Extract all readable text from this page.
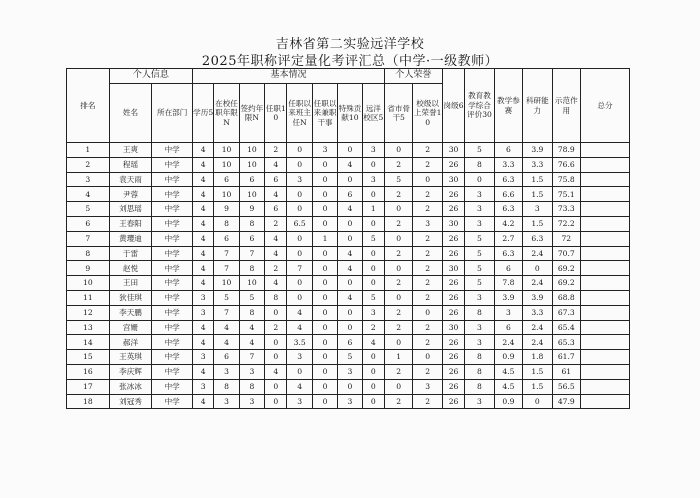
吉林省第二实验远洋学校
2025年职称评定量化考评汇总（中学·一级教师）
排名	个人信息		基本情况								个人荣誉		岗级6	教育教学综合评价30	教学参赛	科研能力	示范作用	总分
	姓名	所在部门	学历5	在校任职年限N	签约年限N	任职10	任职以来班主任N	任职以来兼职干事	特殊贡献10	远洋校区5	省市骨干5	校级以上荣誉10						
1	王爽	中学	4	10	10	2	0	3	0	3	0	2	30	5	6	3.9	78.9	
2	程瑶	中学	4	10	10	4	0	0	4	0	2	2	26	8	3.3	3.3	76.6	
3	袁天雨	中学	4	6	6	6	3	0	0	3	5	0	30	0	6.3	1.5	75.8	
4	尹蓉	中学	4	10	10	4	0	0	6	0	2	2	26	3	6.6	1.5	75.1	
5	刘思瑶	中学	4	9	9	6	0	0	4	1	0	2	26	3	6.3	3	73.3	
6	王春阳	中学	4	8	8	2	6.5	0	0	0	2	3	30	3	4.2	1.5	72.2	
7	黄璎迪	中学	4	6	6	4	0	1	0	5	0	2	26	5	2.7	6.3	72	
8	于雷	中学	4	7	7	4	0	0	4	0	2	2	26	5	6.3	2.4	70.7	
9	赵悦	中学	4	7	8	2	7	0	4	0	0	2	30	5	6	0	69.2	
10	王田	中学	4	10	10	4	0	0	0	0	2	2	26	5	7.8	2.4	69.2	
11	狄佳琪	中学	3	5	5	8	0	0	4	5	0	2	26	3	3.9	3.9	68.8	
12	李天鹏	中学	3	7	8	0	4	0	0	3	2	0	26	8	3	3.3	67.3	
13	宫姗	中学	4	4	4	2	4	0	0	2	2	2	30	3	6	2.4	65.4	
14	郝洋	中学	4	4	4	0	3.5	0	6	4	0	2	26	3	2.4	2.4	65.3	
15	王英琪	中学	3	6	7	0	3	0	5	0	1	0	26	8	0.9	1.8	61.7	
16	李庆辉	中学	4	3	3	4	0	0	3	0	2	2	26	8	4.5	1.5	61	
17	张冰冰	中学	3	8	8	0	4	0	0	0	0	3	26	8	4.5	1.5	56.5	
18	刘冠秀	中学	4	3	3	0	3	0	3	0	2	2	26	3	0.9	0	47.9	
